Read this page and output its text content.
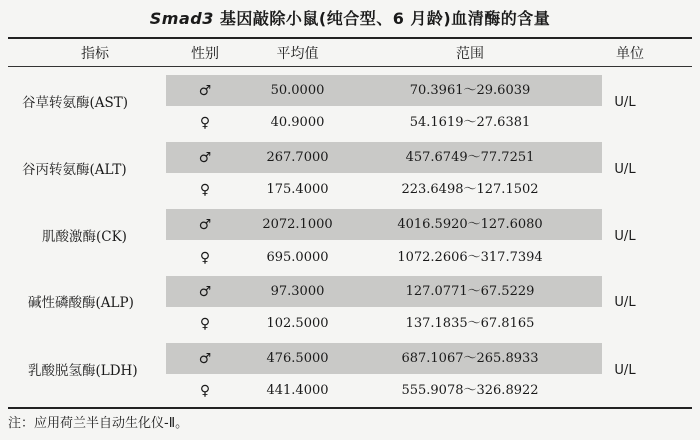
Smad3 基因敲除小鼠(纯合型、6 月龄)血清酶的含量
指标	性别	平均值	范围	单位
谷草转氨酶(AST)
♂	50.0000	70.3961～29.6039
♀	40.9000	54.1619～27.6381
U/L
谷丙转氨酶(ALT)
♂	267.7000	457.6749～77.7251
♀	175.4000	223.6498～127.1502
U/L
肌酸激酶(CK)
♂	2072.1000	4016.5920～127.6080
♀	695.0000	1072.2606～317.7394
U/L
碱性磷酸酶(ALP)
♂	97.3000	127.0771～67.5229
♀	102.5000	137.1835～67.8165
U/L
乳酸脱氢酶(LDH)
♂	476.5000	687.1067～265.8933
♀	441.4000	555.9078～326.8922
U/L
注：应用荷兰半自动生化仪-Ⅱ。
